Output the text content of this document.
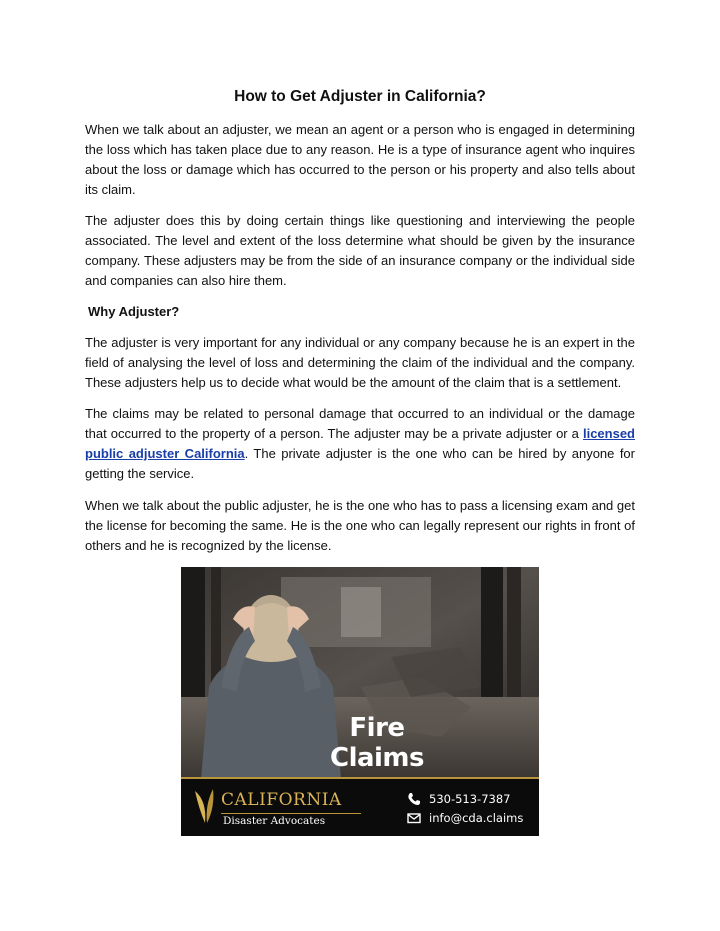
How to Get Adjuster in California?

When we talk about an adjuster, we mean an agent or a person who is engaged in determining the loss which has taken place due to any reason. He is a type of insurance agent who inquires about the loss or damage which has occurred to the person or his property and also tells about its claim.

The adjuster does this by doing certain things like questioning and interviewing the people associated. The level and extent of the loss determine what should be given by the insurance company. These adjusters may be from the side of an insurance company or the individual side and companies can also hire them.

Why Adjuster?

The adjuster is very important for any individual or any company because he is an expert in the field of analysing the level of loss and determining the claim of the individual and the company. These adjusters help us to decide what would be the amount of the claim that is a settlement.

The claims may be related to personal damage that occurred to an individual or the damage that occurred to the property of a person. The adjuster may be a private adjuster or a licensed public adjuster California. The private adjuster is the one who can be hired by anyone for getting the service.

When we talk about the public adjuster, he is the one who has to pass a licensing exam and get the license for becoming the same. He is the one who can legally represent our rights in front of others and he is recognized by the license.

Fire
Claims
CALIFORNIA
Disaster Advocates
530-513-7387
info@cda.claims
